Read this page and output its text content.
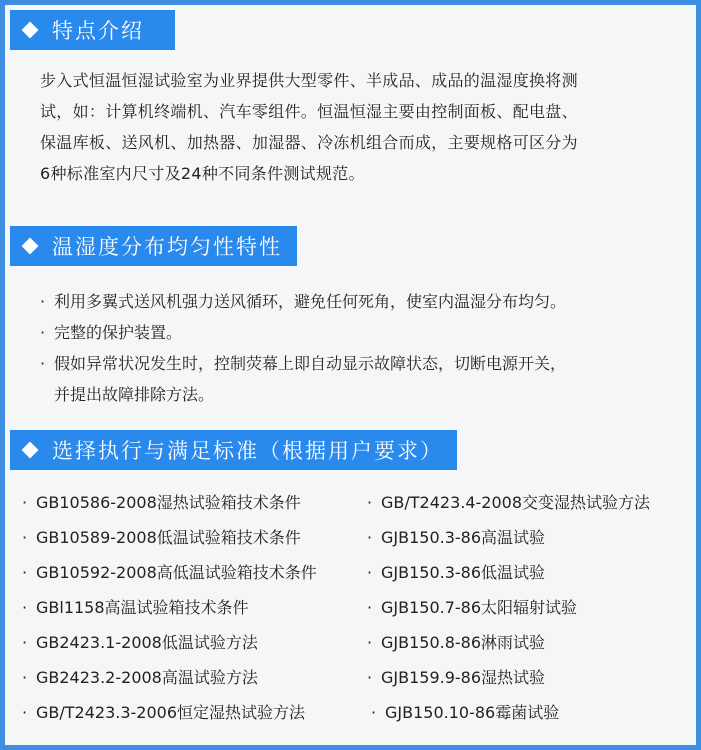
特点介绍
步入式恒温恒湿试验室为业界提供大型零件、半成品、成品的温湿度换将测
试，如：计算机终端机、汽车零组件。恒温恒湿主要由控制面板、配电盘、
保温库板、送风机、加热器、加湿器、冷冻机组合而成，主要规格可区分为
6种标准室内尺寸及24种不同条件测试规范。
温湿度分布均匀性特性
· 利用多翼式送风机强力送风循环，避免任何死角，使室内温湿分布均匀。
· 完整的保护装置。
· 假如异常状况发生时，控制荧幕上即自动显示故障状态，切断电源开关，
并提出故障排除方法。
选择执行与满足标准（根据用户要求）
· GB10586-2008湿热试验箱技术条件
· GB10589-2008低温试验箱技术条件
· GB10592-2008高低温试验箱技术条件
· GBl1158高温试验箱技术条件
· GB2423.1-2008低温试验方法
· GB2423.2-2008高温试验方法
· GB/T2423.3-2006恒定湿热试验方法
· GB/T2423.4-2008交变湿热试验方法
· GJB150.3-86高温试验
· GJB150.3-86低温试验
· GJB150.7-86太阳辐射试验
· GJB150.8-86淋雨试验
· GJB159.9-86湿热试验
· GJB150.10-86霉菌试验
